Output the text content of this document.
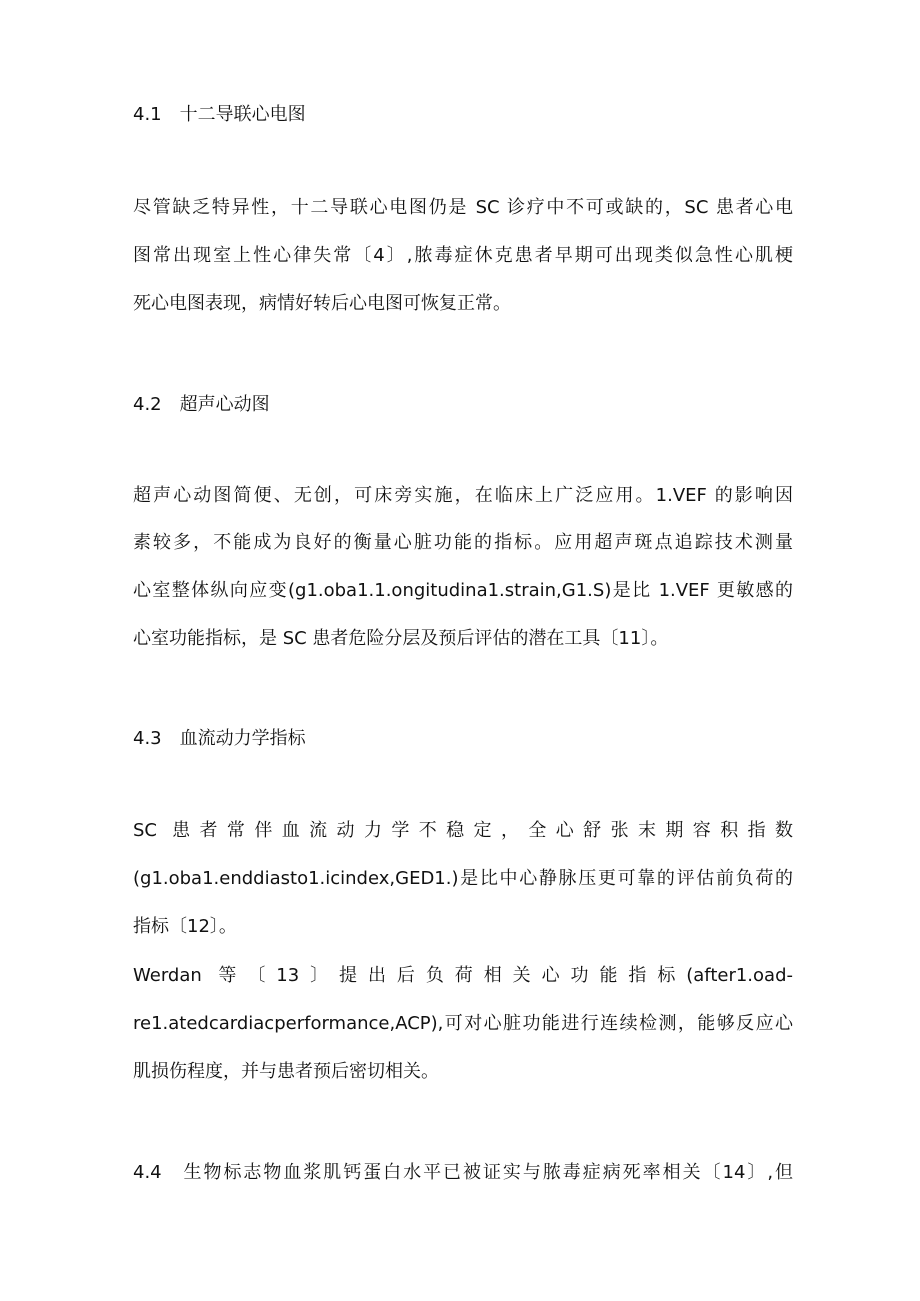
4.1　十二导联心电图
尽管缺乏特异性，十二导联心电图仍是 SC 诊疗中不可或缺的，SC 患者心电
图常出现室上性心律失常〔4〕,脓毒症休克患者早期可出现类似急性心肌梗
死心电图表现，病情好转后心电图可恢复正常。
4.2　超声心动图
超声心动图简便、无创，可床旁实施，在临床上广泛应用。1.VEF 的影响因
素较多，不能成为良好的衡量心脏功能的指标。应用超声斑点追踪技术测量
心室整体纵向应变(g1.oba1.1.ongitudina1.strain,G1.S)是比 1.VEF 更敏感的
心室功能指标，是 SC 患者危险分层及预后评估的潜在工具〔11〕。
4.3　血流动力学指标
SC 患者常伴血流动力学不稳定，全心舒张末期容积指数
(g1.oba1.enddiasto1.icindex,GED1.)是比中心静脉压更可靠的评估前负荷的
指标〔12〕。
Werdan 等〔13〕提出后负荷相关心功能指标(after1.oad-
re1.atedcardiacperformance,ACP),可对心脏功能进行连续检测，能够反应心
肌损伤程度，并与患者预后密切相关。
4.4　生物标志物血浆肌钙蛋白水平已被证实与脓毒症病死率相关〔14〕,但
